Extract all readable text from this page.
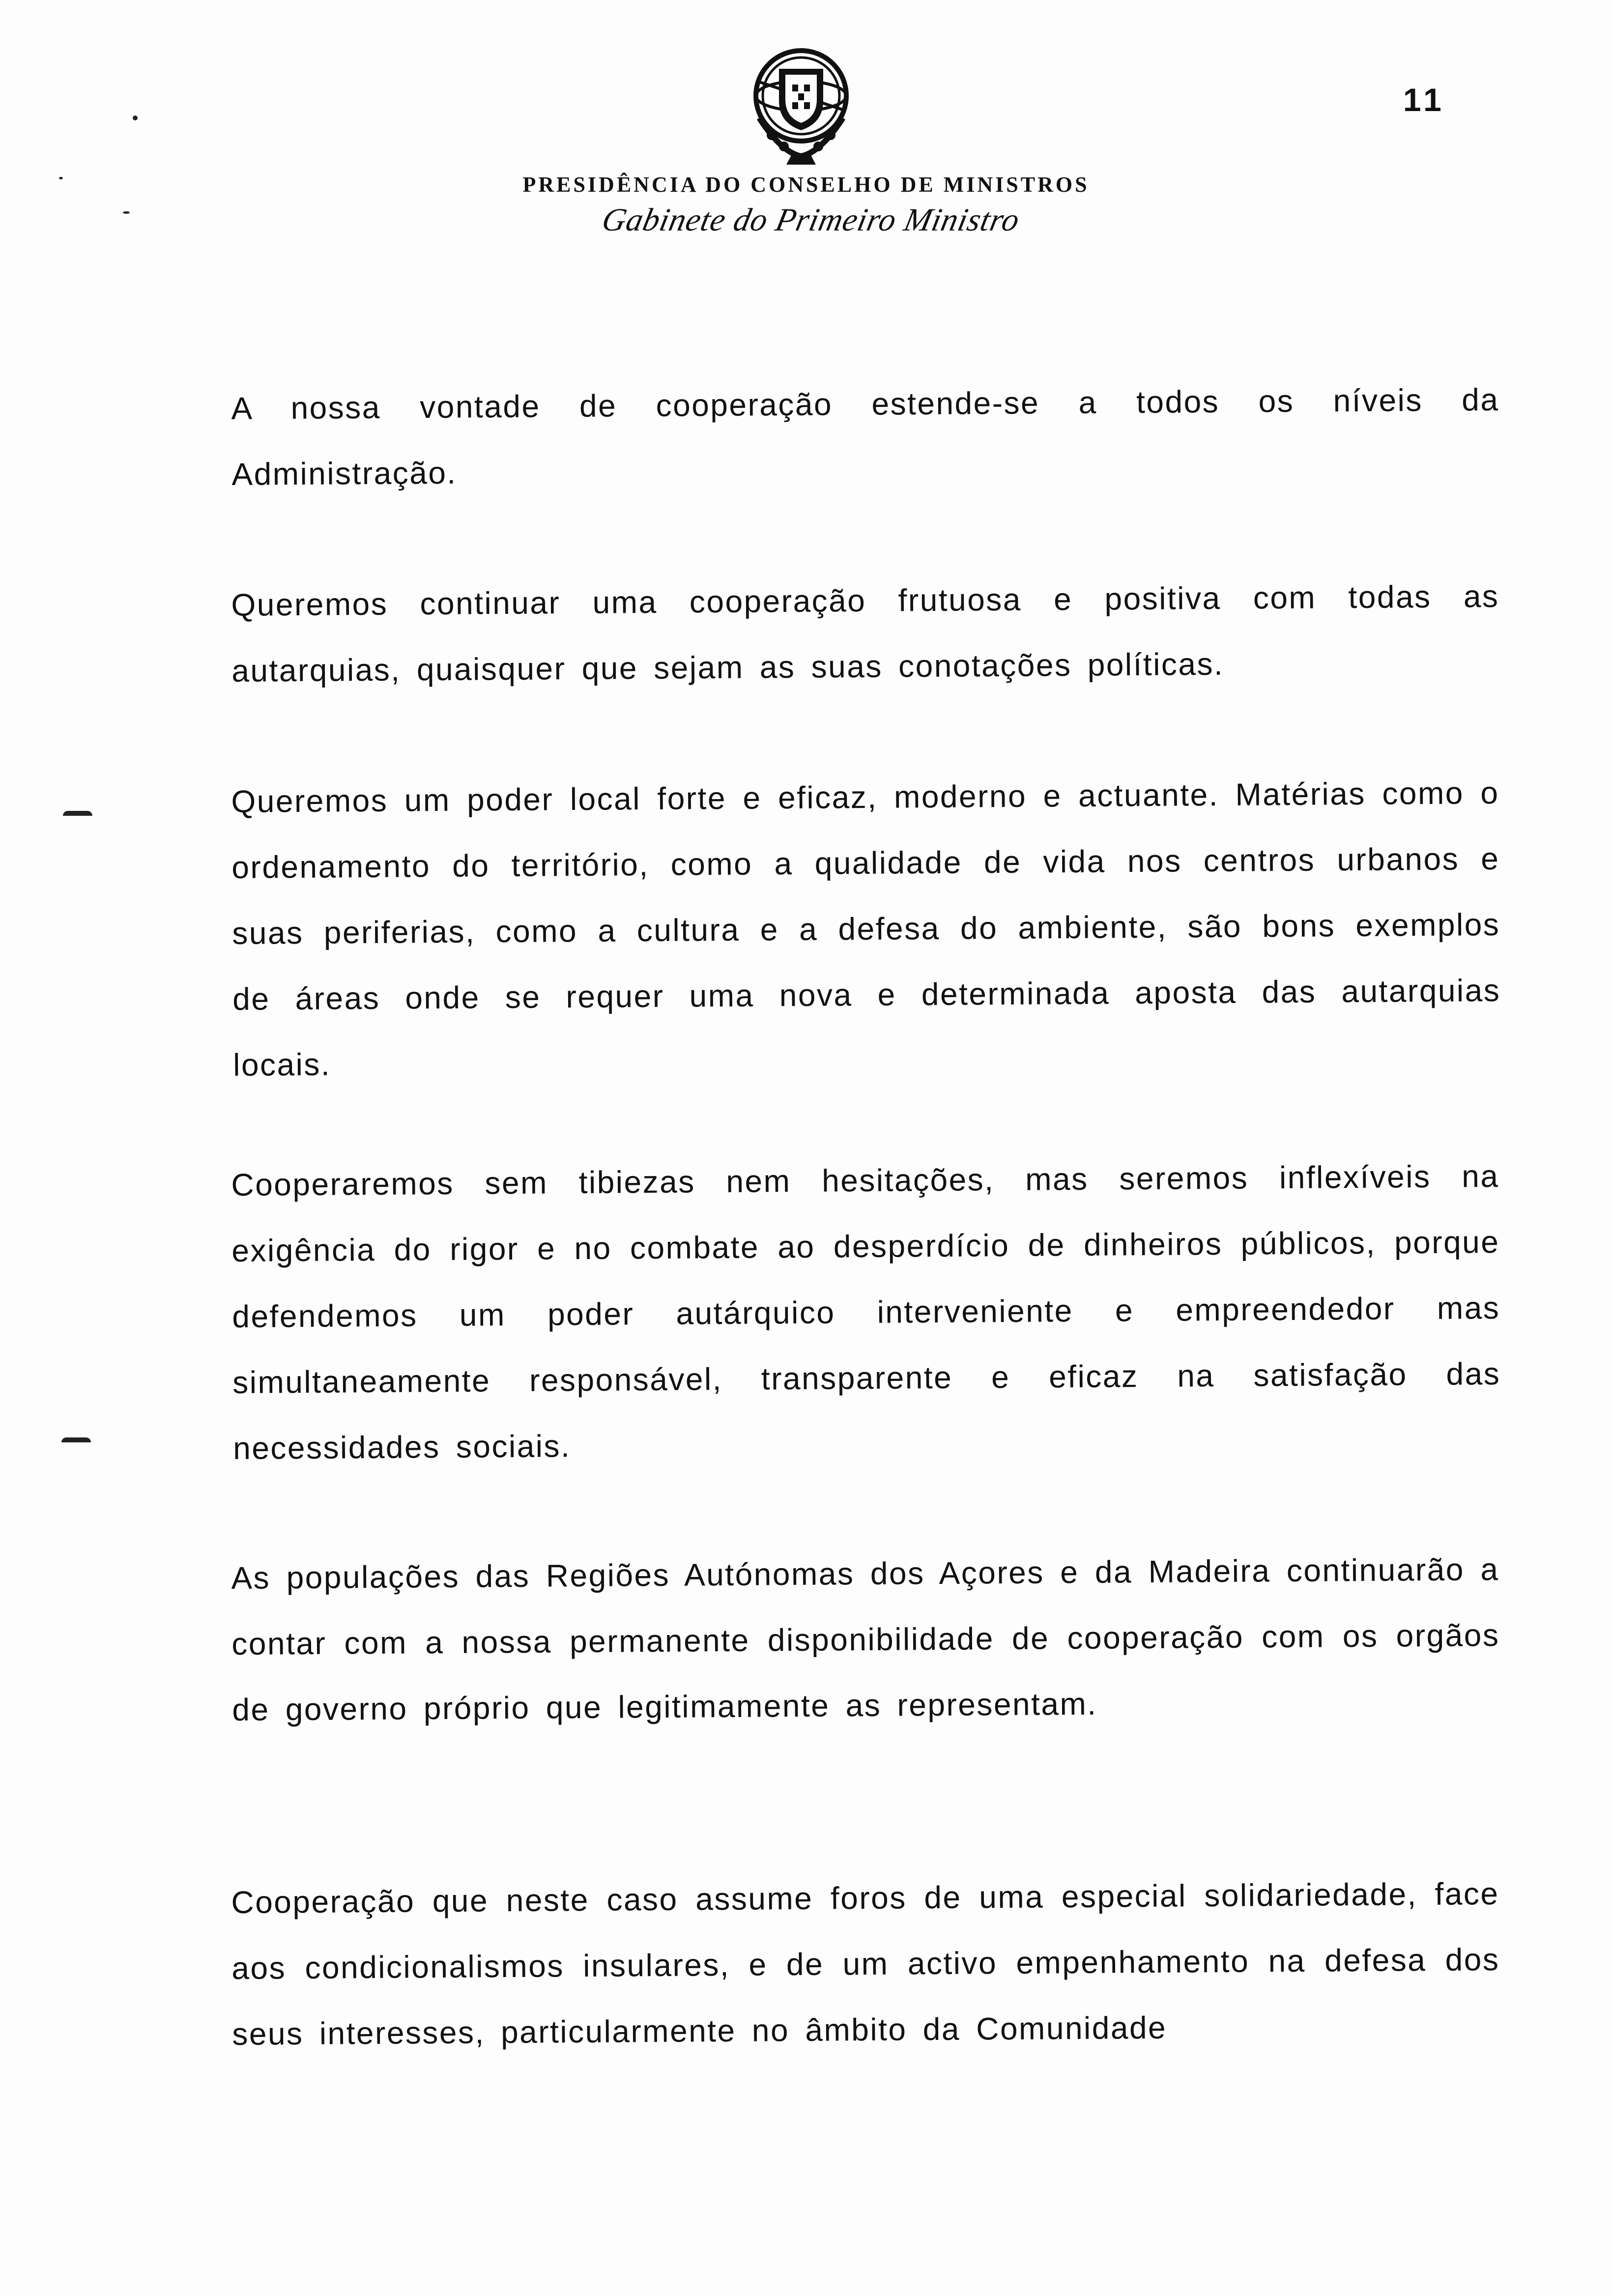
11
PRESIDÊNCIA DO CONSELHO DE MINISTROS
Gabinete do Primeiro Ministro

A nossa vontade de cooperação estende-se a todos os níveis da Administração.

Queremos continuar uma cooperação frutuosa e positiva com todas as autarquias, quaisquer que sejam as suas conotações políticas.

Queremos um poder local forte e eficaz, moderno e actuante. Matérias como o ordenamento do território, como a qualidade de vida nos centros urbanos e suas periferias, como a cultura e a defesa do ambiente, são bons exemplos de áreas onde se requer uma nova e determinada aposta das autarquias locais.

Cooperaremos sem tibiezas nem hesitações, mas seremos inflexíveis na exigência do rigor e no combate ao desperdício de dinheiros públicos, porque defendemos um poder autárquico interveniente e empreendedor mas simultaneamente responsável, transparente e eficaz na satisfação das necessidades sociais.

As populações das Regiões Autónomas dos Açores e da Madeira continuarão a contar com a nossa permanente disponibilidade de cooperação com os orgãos de governo próprio que legitimamente as representam.

Cooperação que neste caso assume foros de uma especial solidariedade, face aos condicionalismos insulares, e de um activo empenhamento na defesa dos seus interesses, particularmente no âmbito da Comunidade
